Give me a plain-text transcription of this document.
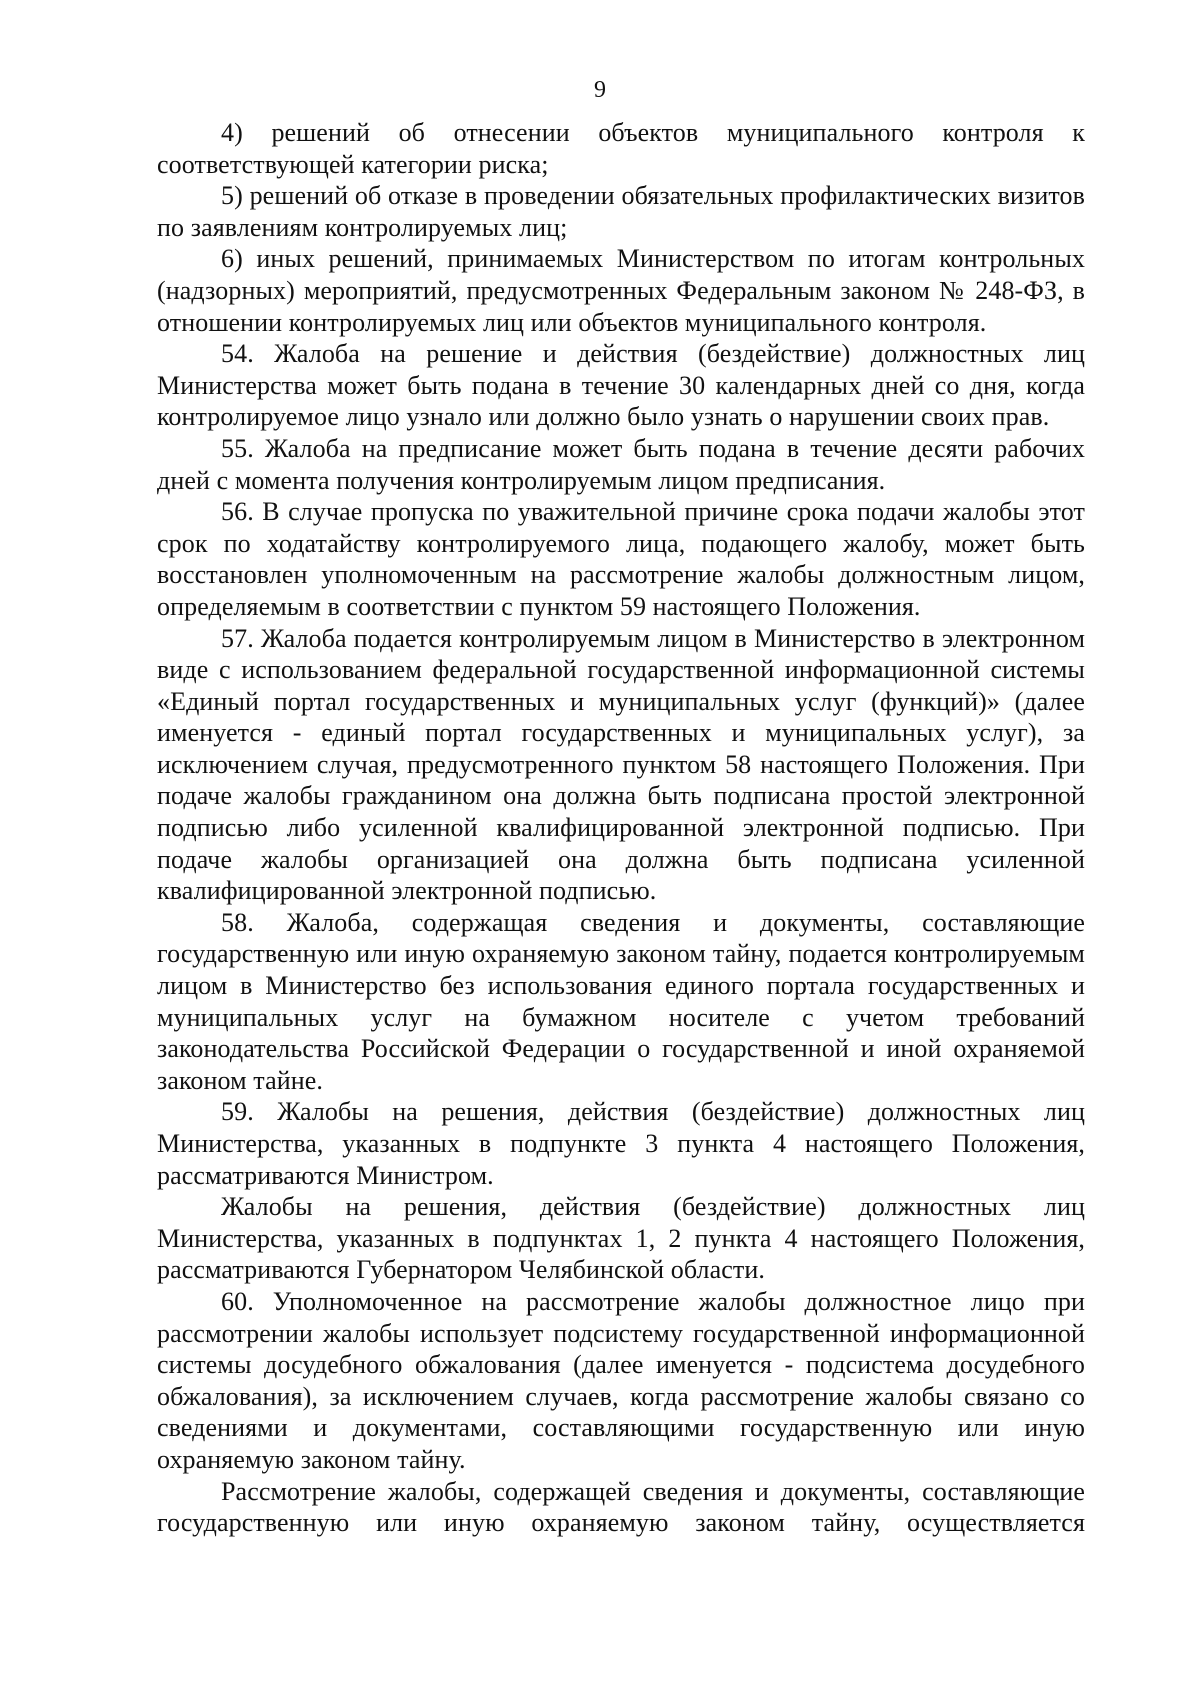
9

4) решений об отнесении объектов муниципального контроля к соответствующей категории риска;

5) решений об отказе в проведении обязательных профилактических визитов по заявлениям контролируемых лиц;

6) иных решений, принимаемых Министерством по итогам контрольных (надзорных) мероприятий, предусмотренных Федеральным законом № 248-ФЗ, в отношении контролируемых лиц или объектов муниципального контроля.

54. Жалоба на решение и действия (бездействие) должностных лиц Министерства может быть подана в течение 30 календарных дней со дня, когда контролируемое лицо узнало или должно было узнать о нарушении своих прав.

55. Жалоба на предписание может быть подана в течение десяти рабочих дней с момента получения контролируемым лицом предписания.

56. В случае пропуска по уважительной причине срока подачи жалобы этот срок по ходатайству контролируемого лица, подающего жалобу, может быть восстановлен уполномоченным на рассмотрение жалобы должностным лицом, определяемым в соответствии с пунктом 59 настоящего Положения.

57. Жалоба подается контролируемым лицом в Министерство в электронном виде с использованием федеральной государственной информационной системы «Единый портал государственных и муниципальных услуг (функций)» (далее именуется - единый портал государственных и муниципальных услуг), за исключением случая, предусмотренного пунктом 58 настоящего Положения. При подаче жалобы гражданином она должна быть подписана простой электронной подписью либо усиленной квалифицированной электронной подписью. При подаче жалобы организацией она должна быть подписана усиленной квалифицированной электронной подписью.

58. Жалоба, содержащая сведения и документы, составляющие государственную или иную охраняемую законом тайну, подается контролируемым лицом в Министерство без использования единого портала государственных и муниципальных услуг на бумажном носителе с учетом требований законодательства Российской Федерации о государственной и иной охраняемой законом тайне.

59. Жалобы на решения, действия (бездействие) должностных лиц Министерства, указанных в подпункте 3 пункта 4 настоящего Положения, рассматриваются Министром.

Жалобы на решения, действия (бездействие) должностных лиц Министерства, указанных в подпунктах 1, 2 пункта 4 настоящего Положения, рассматриваются Губернатором Челябинской области.

60. Уполномоченное на рассмотрение жалобы должностное лицо при рассмотрении жалобы использует подсистему государственной информационной системы досудебного обжалования (далее именуется - подсистема досудебного обжалования), за исключением случаев, когда рассмотрение жалобы связано со сведениями и документами, составляющими государственную или иную охраняемую законом тайну.

Рассмотрение жалобы, содержащей сведения и документы, составляющие государственную или иную охраняемую законом тайну, осуществляется
